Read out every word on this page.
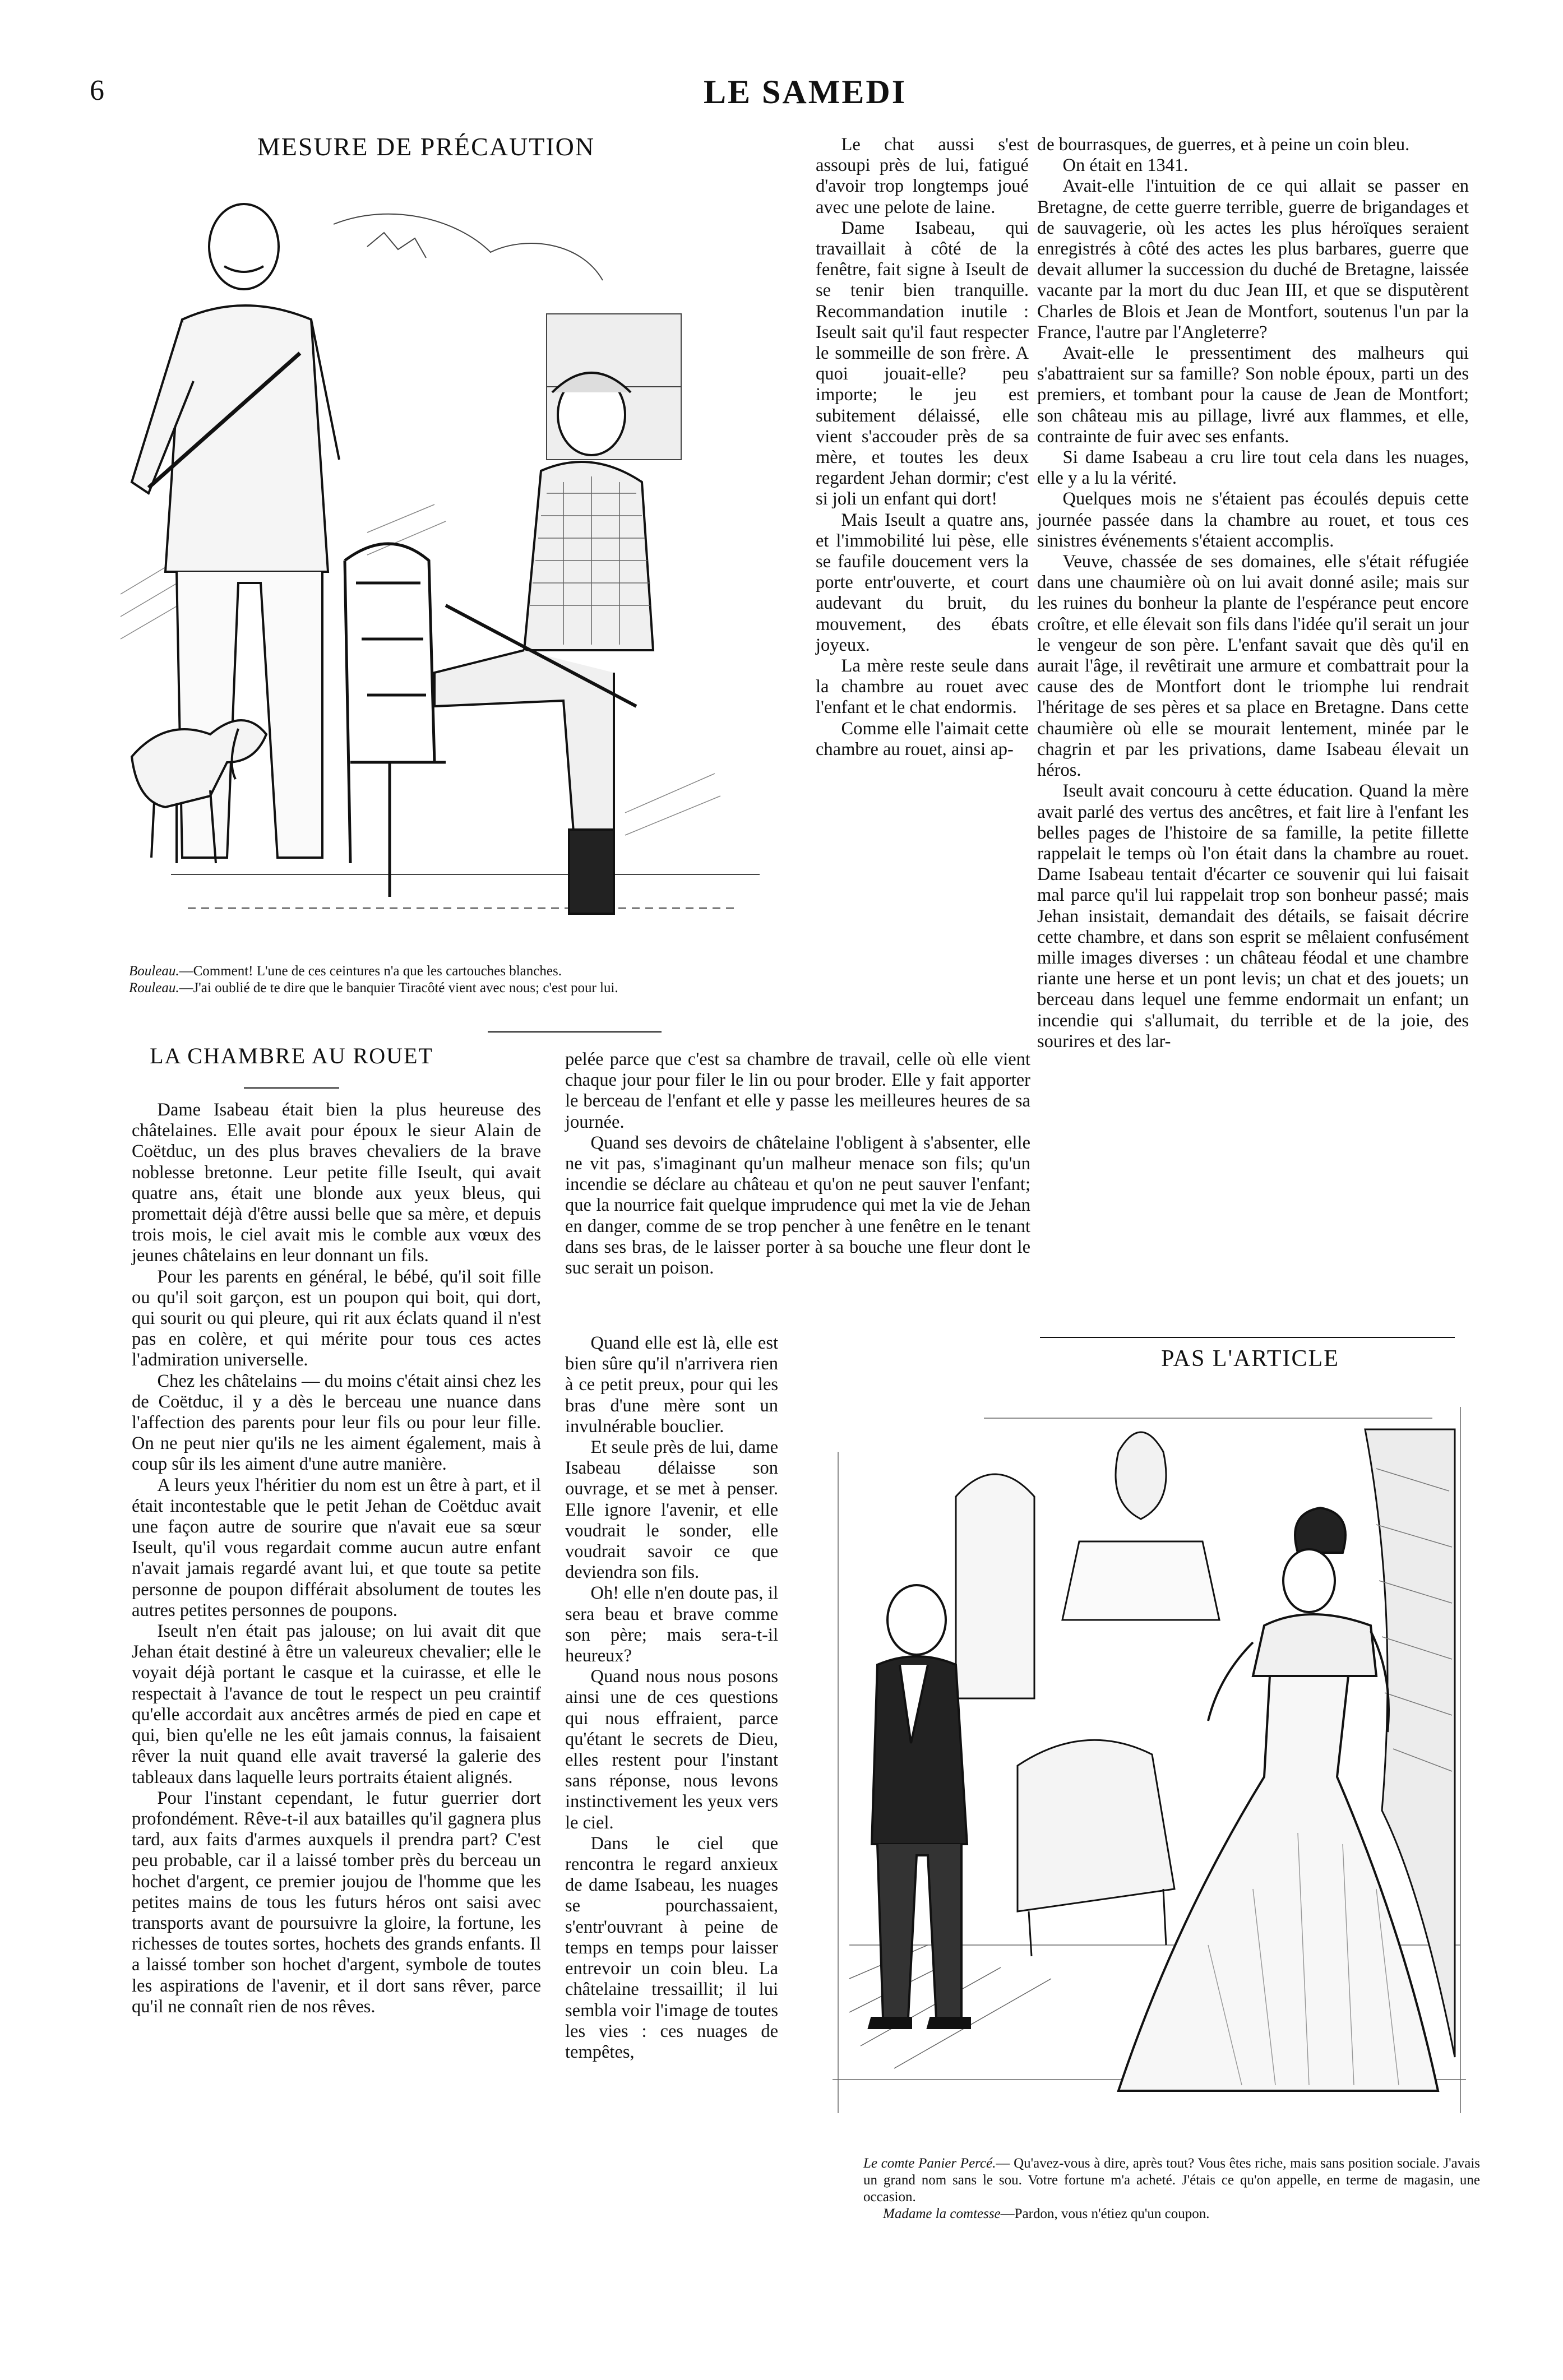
6	LE SAMEDI
MESURE DE PRÉCAUTION

Bouleau.—Comment! L'une de ces ceintures n'a que les cartouches blanches.

Rouleau.—J'ai oublié de te dire que le banquier Tiracôté vient avec nous; c'est pour lui.

LA CHAMBRE AU ROUET

Dame Isabeau était bien la plus heureuse des châtelaines. Elle avait pour époux le sieur Alain de Coëtduc, un des plus braves chevaliers de la brave noblesse bretonne. Leur petite fille Iseult, qui avait quatre ans, était une blonde aux yeux bleus, qui promettait déjà d'être aussi belle que sa mère, et depuis trois mois, le ciel avait mis le comble aux vœux des jeunes châtelains en leur donnant un fils.

Pour les parents en général, le bébé, qu'il soit fille ou qu'il soit garçon, est un poupon qui boit, qui dort, qui sourit ou qui pleure, qui rit aux éclats quand il n'est pas en colère, et qui mérite pour tous ces actes l'admiration universelle.

Chez les châtelains — du moins c'était ainsi chez les de Coëtduc, il y a dès le berceau une nuance dans l'affection des parents pour leur fils ou pour leur fille. On ne peut nier qu'ils ne les aiment également, mais à coup sûr ils les aiment d'une autre manière.

A leurs yeux l'héritier du nom est un être à part, et il était incontestable que le petit Jehan de Coëtduc avait une façon autre de sourire que n'avait eue sa sœur Iseult, qu'il vous regardait comme aucun autre enfant n'avait jamais regardé avant lui, et que toute sa petite personne de poupon différait absolument de toutes les autres petites personnes de poupons.

Iseult n'en était pas jalouse; on lui avait dit que Jehan était destiné à être un valeureux chevalier; elle le voyait déjà portant le casque et la cuirasse, et elle le respectait à l'avance de tout le respect un peu craintif qu'elle accordait aux ancêtres armés de pied en cape et qui, bien qu'elle ne les eût jamais connus, la faisaient rêver la nuit quand elle avait traversé la galerie des tableaux dans laquelle leurs portraits étaient alignés.

Pour l'instant cependant, le futur guerrier dort profondément. Rêve-t-il aux batailles qu'il gagnera plus tard, aux faits d'armes auxquels il prendra part? C'est peu probable, car il a laissé tomber près du berceau un hochet d'argent, ce premier joujou de l'homme que les petites mains de tous les futurs héros ont saisi avec transports avant de poursuivre la gloire, la fortune, les richesses de toutes sortes, hochets des grands enfants. Il a laissé tomber son hochet d'argent, symbole de toutes les aspirations de l'avenir, et il dort sans rêver, parce qu'il ne connaît rien de nos rêves.

Le chat aussi s'est assoupi près de lui, fatigué d'avoir trop longtemps joué avec une pelote de laine.

Dame Isabeau, qui travaillait à côté de la fenêtre, fait signe à Iseult de se tenir bien tranquille. Recommandation inutile : Iseult sait qu'il faut respecter le sommeille de son frère. A quoi jouait-elle? peu importe; le jeu est subitement délaissé, elle vient s'accouder près de sa mère, et toutes les deux regardent Jehan dormir; c'est si joli un enfant qui dort!

Mais Iseult a quatre ans, et l'immobilité lui pèse, elle se faufile doucement vers la porte entr'ouverte, et court audevant du bruit, du mouvement, des ébats joyeux.

La mère reste seule dans la chambre au rouet avec l'enfant et le chat endormis.

Comme elle l'aimait cette chambre au rouet, ainsi ap-

pelée parce que c'est sa chambre de travail, celle où elle vient chaque jour pour filer le lin ou pour broder. Elle y fait apporter le berceau de l'enfant et elle y passe les meilleures heures de sa journée.

Quand ses devoirs de châtelaine l'obligent à s'absenter, elle ne vit pas, s'imaginant qu'un malheur menace son fils; qu'un incendie se déclare au château et qu'on ne peut sauver l'enfant; que la nourrice fait quelque imprudence qui met la vie de Jehan en danger, comme de se trop pencher à une fenêtre en le tenant dans ses bras, de le laisser porter à sa bouche une fleur dont le suc serait un poison.

Quand elle est là, elle est bien sûre qu'il n'arrivera rien à ce petit preux, pour qui les bras d'une mère sont un invulnérable bouclier.

Et seule près de lui, dame Isabeau délaisse son ouvrage, et se met à penser. Elle ignore l'avenir, et elle voudrait le sonder, elle voudrait savoir ce que deviendra son fils.

Oh! elle n'en doute pas, il sera beau et brave comme son père; mais sera-t-il heureux?

Quand nous nous posons ainsi une de ces questions qui nous effraient, parce qu'étant le secrets de Dieu, elles restent pour l'instant sans réponse, nous levons instinctivement les yeux vers le ciel.

Dans le ciel que rencontra le regard anxieux de dame Isabeau, les nuages se pourchassaient, s'entr'ouvrant à peine de temps en temps pour laisser entrevoir un coin bleu. La châtelaine tressaillit; il lui sembla voir l'image de toutes les vies : ces nuages de tempêtes,

de bourrasques, de guerres, et à peine un coin bleu.

On était en 1341.

Avait-elle l'intuition de ce qui allait se passer en Bretagne, de cette guerre terrible, guerre de brigandages et de sauvagerie, où les actes les plus héroïques seraient enregistrés à côté des actes les plus barbares, guerre que devait allumer la succession du duché de Bretagne, laissée vacante par la mort du duc Jean III, et que se disputèrent Charles de Blois et Jean de Montfort, soutenus l'un par la France, l'autre par l'Angleterre?

Avait-elle le pressentiment des malheurs qui s'abattraient sur sa famille? Son noble époux, parti un des premiers, et tombant pour la cause de Jean de Montfort; son château mis au pillage, livré aux flammes, et elle, contrainte de fuir avec ses enfants.

Si dame Isabeau a cru lire tout cela dans les nuages, elle y a lu la vérité.

Quelques mois ne s'étaient pas écoulés depuis cette journée passée dans la chambre au rouet, et tous ces sinistres événements s'étaient accomplis.

Veuve, chassée de ses domaines, elle s'était réfugiée dans une chaumière où on lui avait donné asile; mais sur les ruines du bonheur la plante de l'espérance peut encore croître, et elle élevait son fils dans l'idée qu'il serait un jour le vengeur de son père. L'enfant savait que dès qu'il en aurait l'âge, il revêtirait une armure et combattrait pour la cause des de Montfort dont le triomphe lui rendrait l'héritage de ses pères et sa place en Bretagne. Dans cette chaumière où elle se mourait lentement, minée par le chagrin et par les privations, dame Isabeau élevait un héros.

Iseult avait concouru à cette éducation. Quand la mère avait parlé des vertus des ancêtres, et fait lire à l'enfant les belles pages de l'histoire de sa famille, la petite fillette rappelait le temps où l'on était dans la chambre au rouet. Dame Isabeau tentait d'écarter ce souvenir qui lui faisait mal parce qu'il lui rappelait trop son bonheur passé; mais Jehan insistait, demandait des détails, se faisait décrire cette chambre, et dans son esprit se mêlaient confusément mille images diverses : un château féodal et une chambre riante une herse et un pont levis; un chat et des jouets; un berceau dans lequel une femme endormait un enfant; un incendie qui s'allumait, du terrible et de la joie, des sourires et des lar-

PAS L'ARTICLE

Le comte Panier Percé.— Qu'avez-vous à dire, après tout? Vous êtes riche, mais sans position sociale. J'avais un grand nom sans le sou. Votre fortune m'a acheté. J'étais ce qu'on appelle, en terme de magasin, une occasion.

Madame la comtesse—Pardon, vous n'étiez qu'un coupon.
